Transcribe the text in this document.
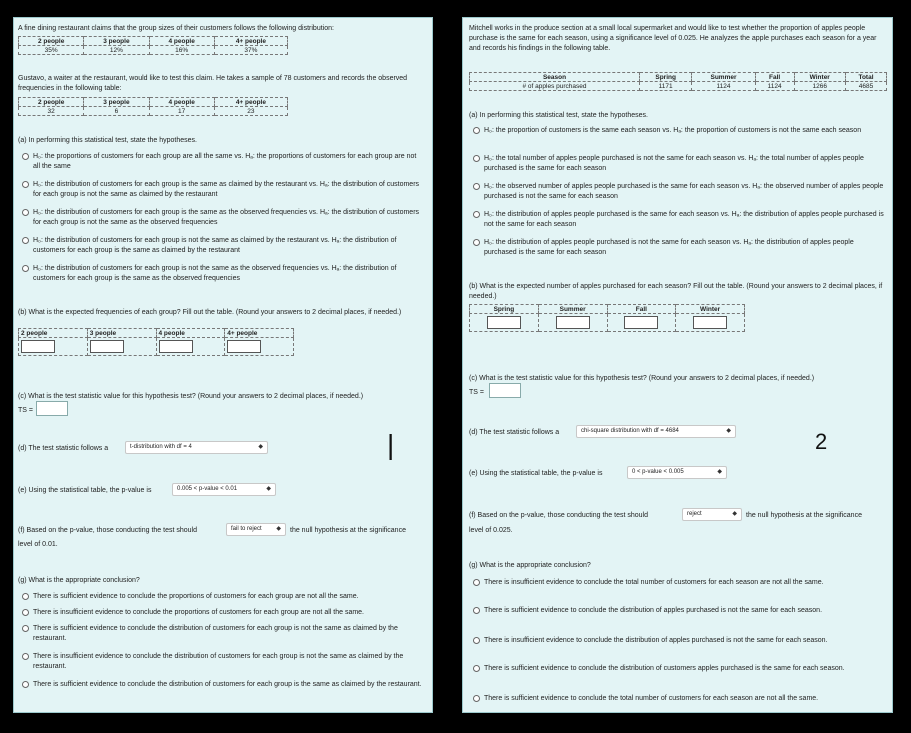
A fine dining restaurant claims that the group sizes of their customers follows the following distribution:
2 people	3 people	4 people	4+ people
35%	12%	16%	37%
Gustavo, a waiter at the restaurant, would like to test this claim. He takes a sample of 78 customers and records the observed frequencies in the following table:
2 people	3 people	4 people	4+ people
32	6	17	23
(a) In performing this statistical test, state the hypotheses.
H₀: the proportions of customers for each group are all the same vs. Hₐ: the proportions of customers for each group are not all the same
H₀: the distribution of customers for each group is the same as claimed by the restaurant vs. Hₐ: the distribution of customers for each group is not the same as claimed by the restaurant
H₀: the distribution of customers for each group is the same as the observed frequencies vs. Hₐ: the distribution of customers for each group is not the same as the observed frequencies
H₀: the distribution of customers for each group is not the same as claimed by the restaurant vs. Hₐ: the distribution of customers for each group is the same as claimed by the restaurant
H₀: the distribution of customers for each group is not the same as the observed frequencies vs. Hₐ: the distribution of customers for each group is the same as the observed frequencies
(b) What is the expected frequencies of each group? Fill out the table. (Round your answers to 2 decimal places, if needed.)
2 people	3 people	4 people	4+ people

(c) What is the test statistic value for this hypothesis test? (Round your answers to 2 decimal places, if needed.)
TS =
(d) The test statistic follows a	t-distribution with df = 4	◆
(e) Using the statistical table, the p-value is	0.005 < p-value < 0.01	◆
(f) Based on the p-value, those conducting the test should	fail to reject ◆ the null hypothesis at the significance
level of 0.01.
(g) What is the appropriate conclusion?
There is sufficient evidence to conclude the proportions of customers for each group are not all the same.
There is insufficient evidence to conclude the proportions of customers for each group are not all the same.
There is sufficient evidence to conclude the distribution of customers for each group is not the same as claimed by the restaurant.
There is insufficient evidence to conclude the distribution of customers for each group is not the same as claimed by the restaurant.
There is sufficient evidence to conclude the distribution of customers for each group is the same as claimed by the restaurant.
|
Mitchell works in the produce section at a small local supermarket and would like to test whether the proportion of apples people purchase is the same for each season, using a significance level of 0.025. He analyzes the apple purchases each season for a year and records his findings in the following table.
Season	Spring	Summer	Fall	Winter	Total
# of apples purchased	1171	1124	1124	1266	4685
(a) In performing this statistical test, state the hypotheses.
H₀: the proportion of customers is the same each season vs. Hₐ: the proportion of customers is not the same each season
H₀: the total number of apples people purchased is not the same for each season vs. Hₐ: the total number of apples people purchased is the same for each season
H₀: the observed number of apples people purchased is the same for each season vs. Hₐ: the observed number of apples people purchased is not the same for each season
H₀: the distribution of apples people purchased is the same for each season vs. Hₐ: the distribution of apples people purchased is not the same for each season
H₀: the distribution of apples people purchased is not the same for each season vs. Hₐ: the distribution of apples people purchased is the same for each season
(b) What is the expected number of apples purchased for each season? Fill out the table. (Round your answers to 2 decimal places, if needed.)
Spring	Summer	Fall	Winter

(c) What is the test statistic value for this hypothesis test? (Round your answers to 2 decimal places, if needed.)
TS =
(d) The test statistic follows a	chi-square distribution with df = 4684	◆
(e) Using the statistical table, the p-value is	0 < p-value < 0.005	◆
(f) Based on the p-value, those conducting the test should	reject	◆ the null hypothesis at the significance
level of 0.025.
(g) What is the appropriate conclusion?
There is insufficient evidence to conclude the total number of customers for each season are not all the same.
There is sufficient evidence to conclude the distribution of apples purchased is not the same for each season.
There is insufficient evidence to conclude the distribution of apples purchased is not the same for each season.
There is sufficient evidence to conclude the distribution of customers apples purchased is the same for each season.
There is sufficient evidence to conclude the total number of customers for each season are not all the same.
2
